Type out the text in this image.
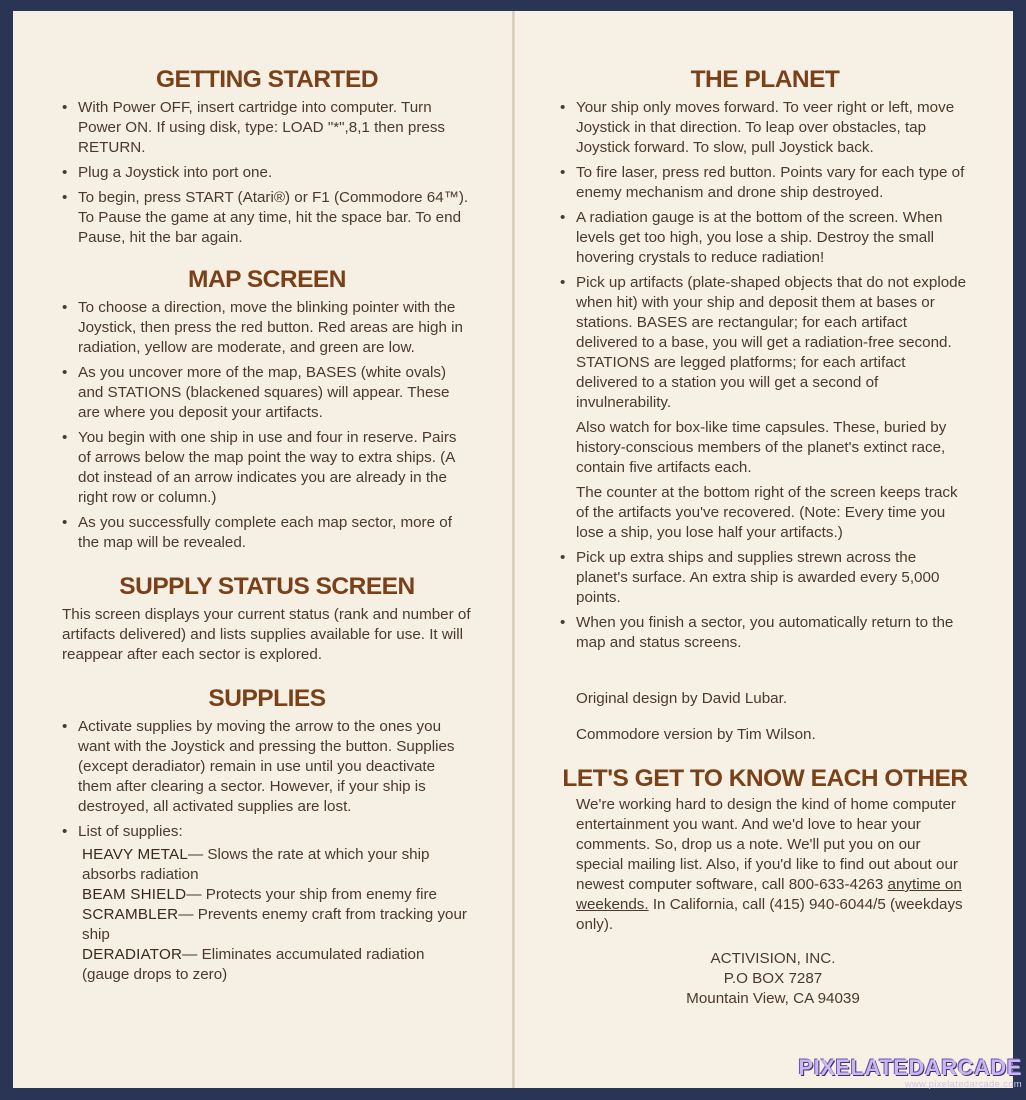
GETTING STARTED
• With Power OFF, insert cartridge into computer. Turn Power ON. If using disk, type: LOAD "*",8,1 then press RETURN.
• Plug a Joystick into port one.
• To begin, press START (Atari®) or F1 (Commodore 64™). To Pause the game at any time, hit the space bar. To end Pause, hit the bar again.
MAP SCREEN
• To choose a direction, move the blinking pointer with the Joystick, then press the red button. Red areas are high in radiation, yellow are moderate, and green are low.
• As you uncover more of the map, BASES (white ovals) and STATIONS (blackened squares) will appear. These are where you deposit your artifacts.
• You begin with one ship in use and four in reserve. Pairs of arrows below the map point the way to extra ships. (A dot instead of an arrow indicates you are already in the right row or column.)
• As you successfully complete each map sector, more of the map will be revealed.
SUPPLY STATUS SCREEN

This screen displays your current status (rank and number of artifacts delivered) and lists supplies available for use. It will reappear after each sector is explored.

SUPPLIES
• Activate supplies by moving the arrow to the ones you want with the Joystick and pressing the button. Supplies (except deradiator) remain in use until you deactivate them after clearing a sector. However, if your ship is destroyed, all activated supplies are lost.
• List of supplies:

HEAVY METAL— Slows the rate at which your ship absorbs radiation

BEAM SHIELD— Protects your ship from enemy fire

SCRAMBLER— Prevents enemy craft from tracking your ship

DERADIATOR— Eliminates accumulated radiation (gauge drops to zero)

THE PLANET
• Your ship only moves forward. To veer right or left, move Joystick in that direction. To leap over obstacles, tap Joystick forward. To slow, pull Joystick back.
• To fire laser, press red button. Points vary for each type of enemy mechanism and drone ship destroyed.
• A radiation gauge is at the bottom of the screen. When levels get too high, you lose a ship. Destroy the small hovering crystals to reduce radiation!
• Pick up artifacts (plate-shaped objects that do not explode when hit) with your ship and deposit them at bases or stations. BASES are rectangular; for each artifact delivered to a base, you will get a radiation-free second. STATIONS are legged platforms; for each artifact delivered to a station you will get a second of invulnerability.

Also watch for box-like time capsules. These, buried by history-conscious members of the planet's extinct race, contain five artifacts each.

The counter at the bottom right of the screen keeps track of the artifacts you've recovered. (Note: Every time you lose a ship, you lose half your artifacts.)

• Pick up extra ships and supplies strewn across the planet's surface. An extra ship is awarded every 5,000 points.
• When you finish a sector, you automatically return to the map and status screens.

Original design by David Lubar.

Commodore version by Tim Wilson.

LET'S GET TO KNOW EACH OTHER

We're working hard to design the kind of home computer entertainment you want. And we'd love to hear your comments. So, drop us a note. We'll put you on our special mailing list. Also, if you'd like to find out about our newest computer software, call 800-633-4263 anytime on weekends. In California, call (415) 940-6044/5 (weekdays only).

ACTIVISION, INC.
P.O BOX 7287
Mountain View, CA 94039
PIXELATEDARCADE
www.pixelatedarcade.com
